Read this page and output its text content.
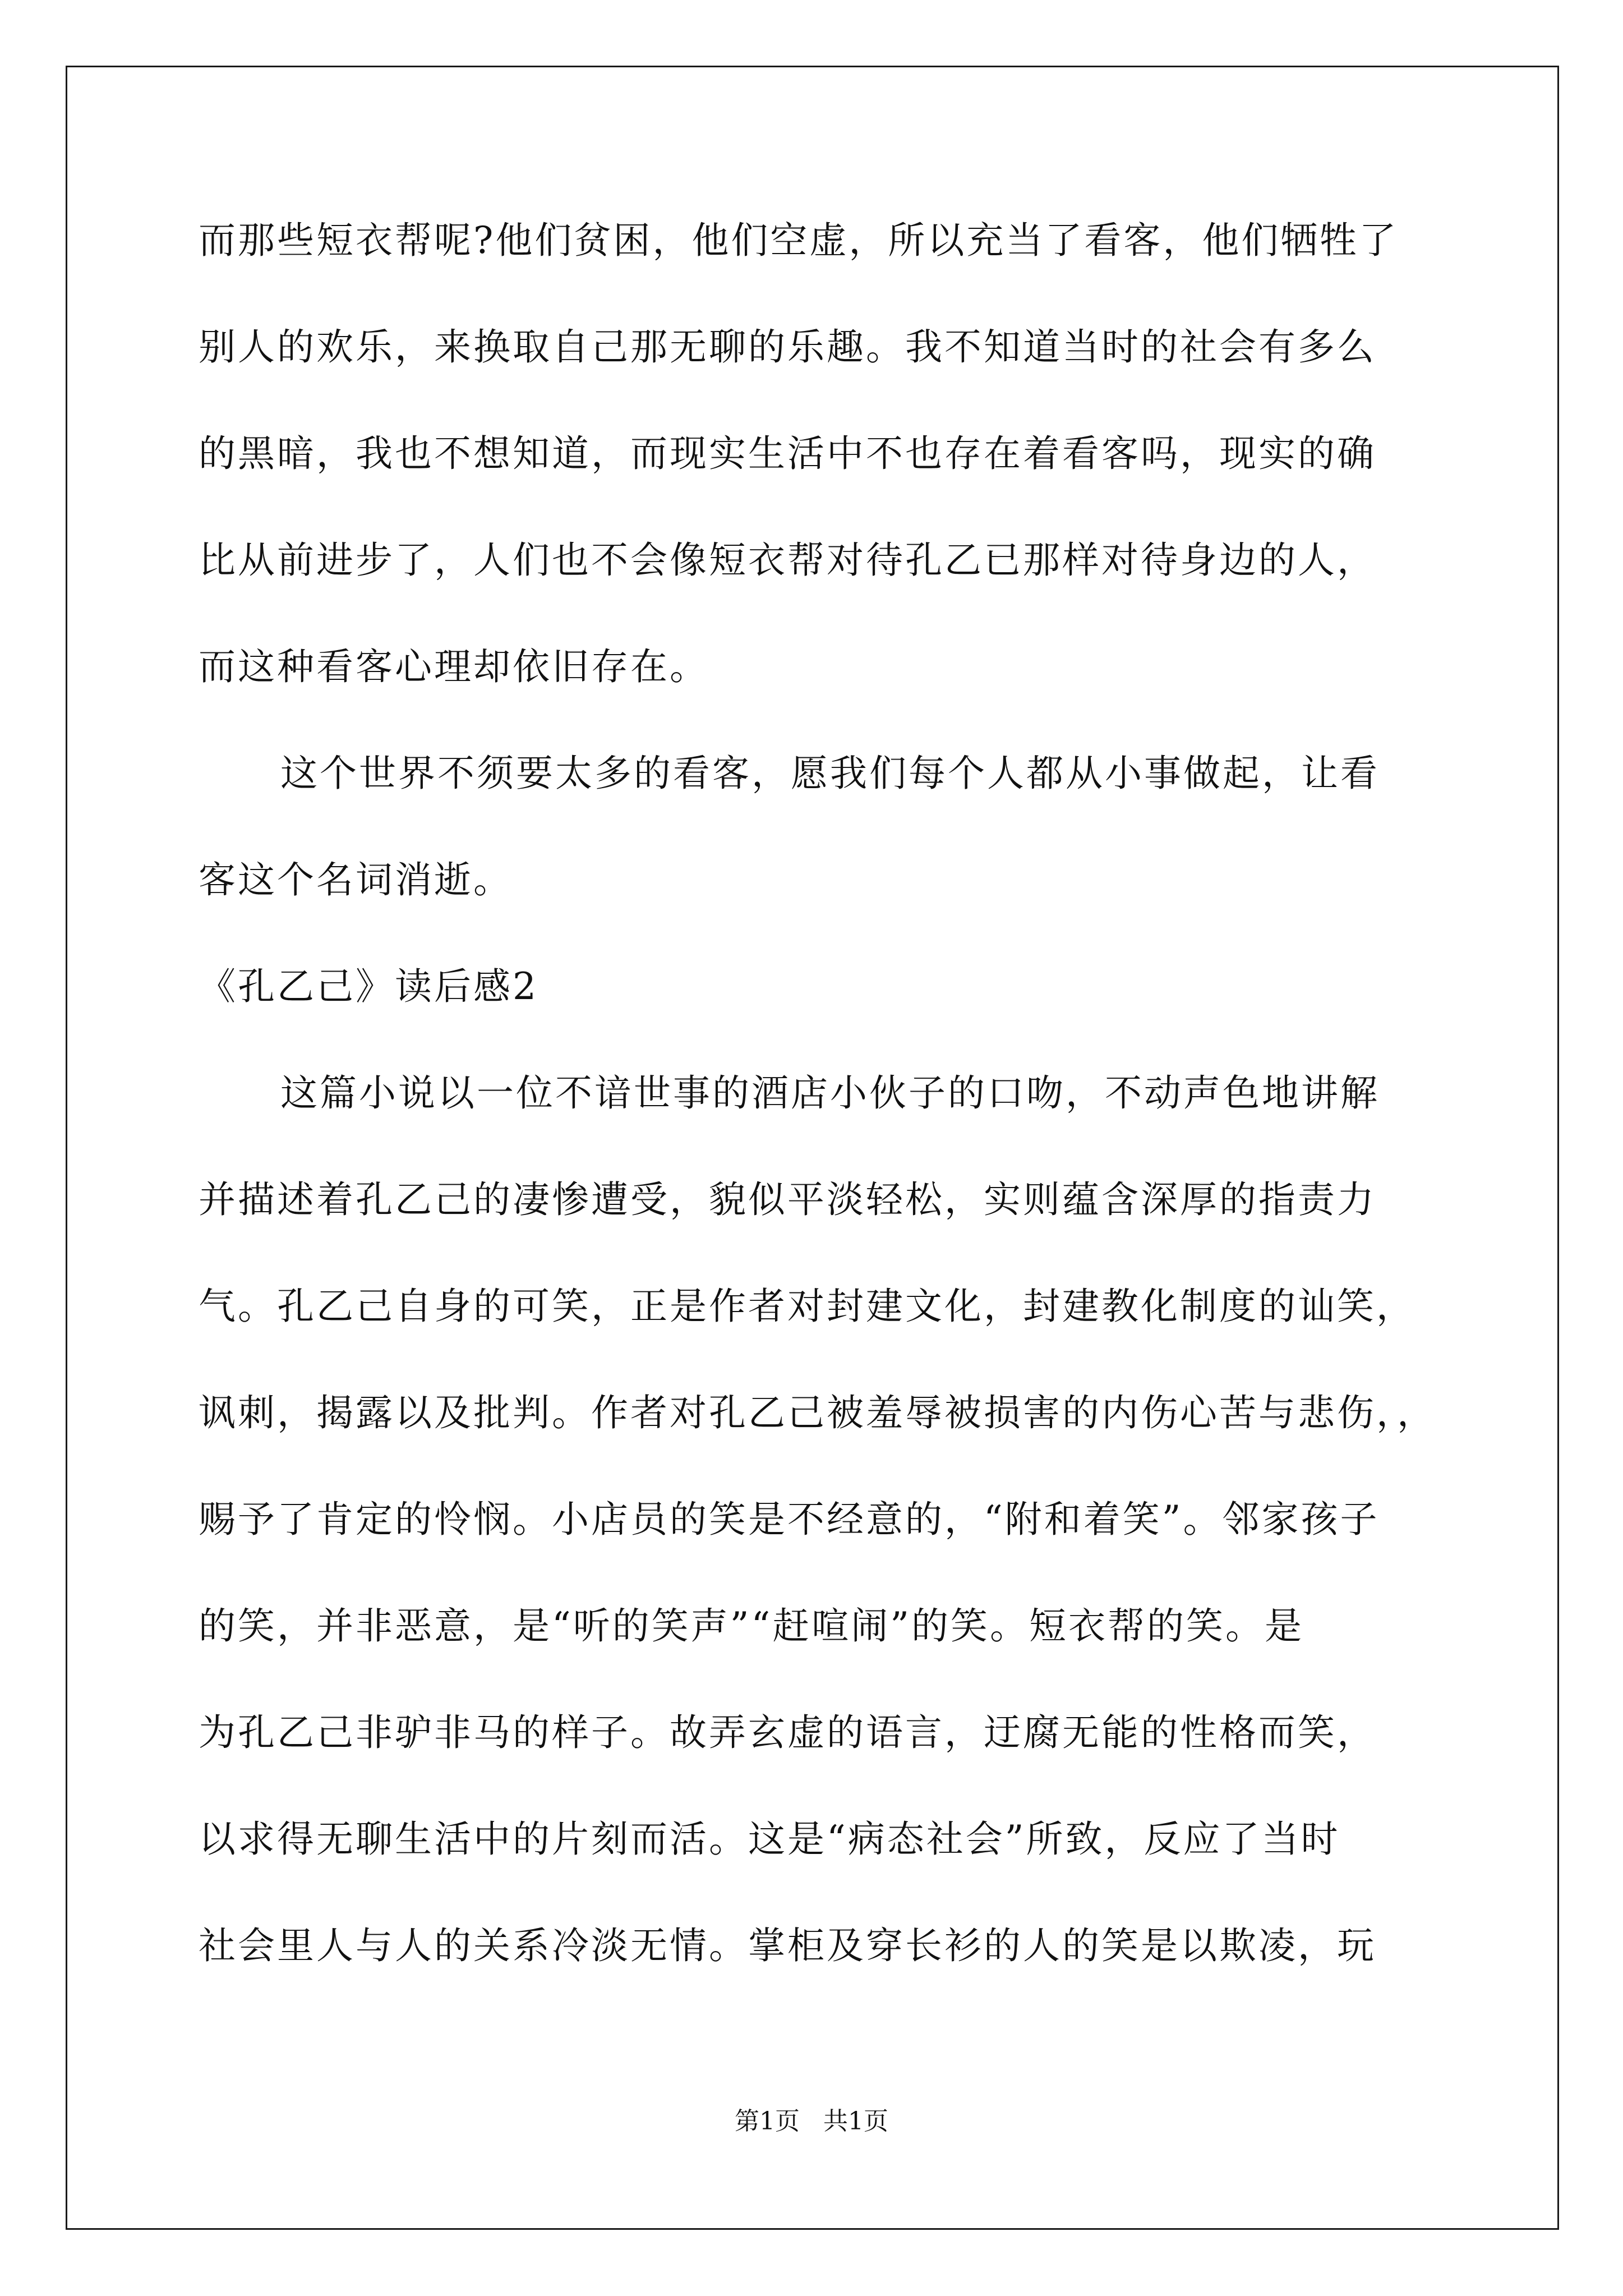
而那些短衣帮呢?他们贫困，他们空虚，所以充当了看客，他们牺牲了
别人的欢乐，来换取自己那无聊的乐趣。我不知道当时的社会有多么
的黑暗，我也不想知道，而现实生活中不也存在着看客吗，现实的确
比从前进步了，人们也不会像短衣帮对待孔乙已那样对待身边的人，
而这种看客心理却依旧存在。
这个世界不须要太多的看客，愿我们每个人都从小事做起，让看
客这个名词消逝。
《孔乙己》读后感2
这篇小说以一位不谙世事的酒店小伙子的口吻，不动声色地讲解
并描述着孔乙己的凄惨遭受，貌似平淡轻松，实则蕴含深厚的指责力
气。孔乙己自身的可笑，正是作者对封建文化，封建教化制度的讪笑，
讽刺，揭露以及批判。作者对孔乙己被羞辱被损害的内伤心苦与悲伤，，
赐予了肯定的怜悯。小店员的笑是不经意的，“附和着笑”。邻家孩子
的笑，并非恶意，是“听的笑声”“赶喧闹”的笑。短衣帮的笑。是
为孔乙己非驴非马的样子。故弄玄虚的语言，迂腐无能的性格而笑，
以求得无聊生活中的片刻而活。这是“病态社会”所致，反应了当时
社会里人与人的关系冷淡无情。掌柜及穿长衫的人的笑是以欺凌，玩
第1页   共1页
